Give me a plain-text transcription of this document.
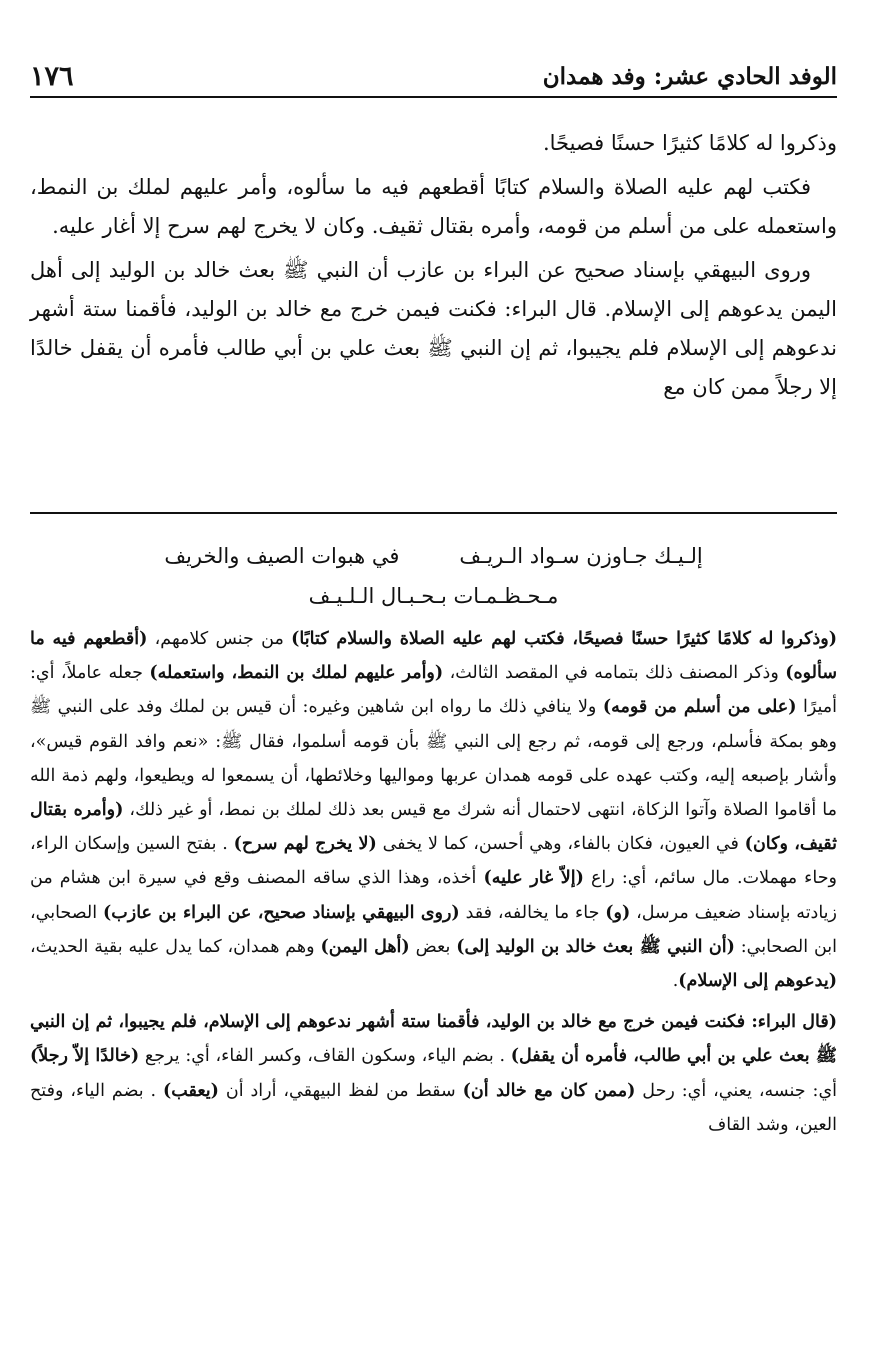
الوفد الحادي عشر: وفد همدان
١٧٦

وذكروا له كلامًا كثيرًا حسنًا فصيحًا.

فكتب لهم عليه الصلاة والسلام كتابًا أقطعهم فيه ما سألوه، وأمر عليهم لملك بن النمط، واستعمله على من أسلم من قومه، وأمره بقتال ثقيف. وكان لا يخرج لهم سرح إلا أغار عليه.

وروى البيهقي بإسناد صحيح عن البراء بن عازب أن النبي ﷺ بعث خالد بن الوليد إلى أهل اليمن يدعوهم إلى الإسلام. قال البراء: فكنت فيمن خرج مع خالد بن الوليد، فأقمنا ستة أشهر ندعوهم إلى الإسلام فلم يجيبوا، ثم إن النبي ﷺ بعث علي بن أبي طالب فأمره أن يقفل خالدًا إلا رجلاً ممن كان مع

إلـيـك جـاوزن سـواد الـريـف
في هبوات الصيف والخريف
مـحـظـمـات بـحـبـال الـلـيـف

(وذكروا له كلامًا كثيرًا حسنًا فصيحًا، فكتب لهم عليه الصلاة والسلام كتابًا) من جنس كلامهم، (أقطعهم فيه ما سألوه) وذكر المصنف ذلك بتمامه في المقصد الثالث، (وأمر عليهم لملك بن النمط، واستعمله) جعله عاملاً، أي: أميرًا (على من أسلم من قومه) ولا ينافي ذلك ما رواه ابن شاهين وغيره: أن قيس بن لملك وفد على النبي ﷺ وهو بمكة فأسلم، ورجع إلى قومه، ثم رجع إلى النبي ﷺ بأن قومه أسلموا، فقال ﷺ: «نعم وافد القوم قيس»، وأشار بإصبعه إليه، وكتب عهده على قومه همدان عربها ومواليها وخلائطها، أن يسمعوا له ويطيعوا، ولهم ذمة الله ما أقاموا الصلاة وآتوا الزكاة، انتهى لاحتمال أنه شرك مع قيس بعد ذلك لملك بن نمط، أو غير ذلك، (وأمره بقتال ثقيف، وكان) في العيون، فكان بالفاء، وهي أحسن، كما لا يخفى (لا يخرج لهم سرح) . بفتح السين وإسكان الراء، وحاء مهملات. مال سائم، أي: راع (إلاّ غار عليه) أخذه، وهذا الذي ساقه المصنف وقع في سيرة ابن هشام من زيادته بإسناد ضعيف مرسل، (و) جاء ما يخالفه، فقد (روى البيهقي بإسناد صحيح، عن البراء بن عازب) الصحابي، ابن الصحابي: (أن النبي ﷺ بعث خالد بن الوليد إلى) بعض (أهل اليمن) وهم همدان، كما يدل عليه بقية الحديث، (يدعوهم إلى الإسلام).

(قال البراء: فكنت فيمن خرج مع خالد بن الوليد، فأقمنا ستة أشهر ندعوهم إلى الإسلام، فلم يجيبوا، ثم إن النبي ﷺ بعث علي بن أبي طالب، فأمره أن يقفل) . بضم الياء، وسكون القاف، وكسر الفاء، أي: يرجع (خالدًا إلاّ رجلاً) أي: جنسه، يعني، أي: رحل (ممن كان مع خالد أن) سقط من لفظ البيهقي، أراد أن (يعقب) . بضم الياء، وفتح العين، وشد القاف
